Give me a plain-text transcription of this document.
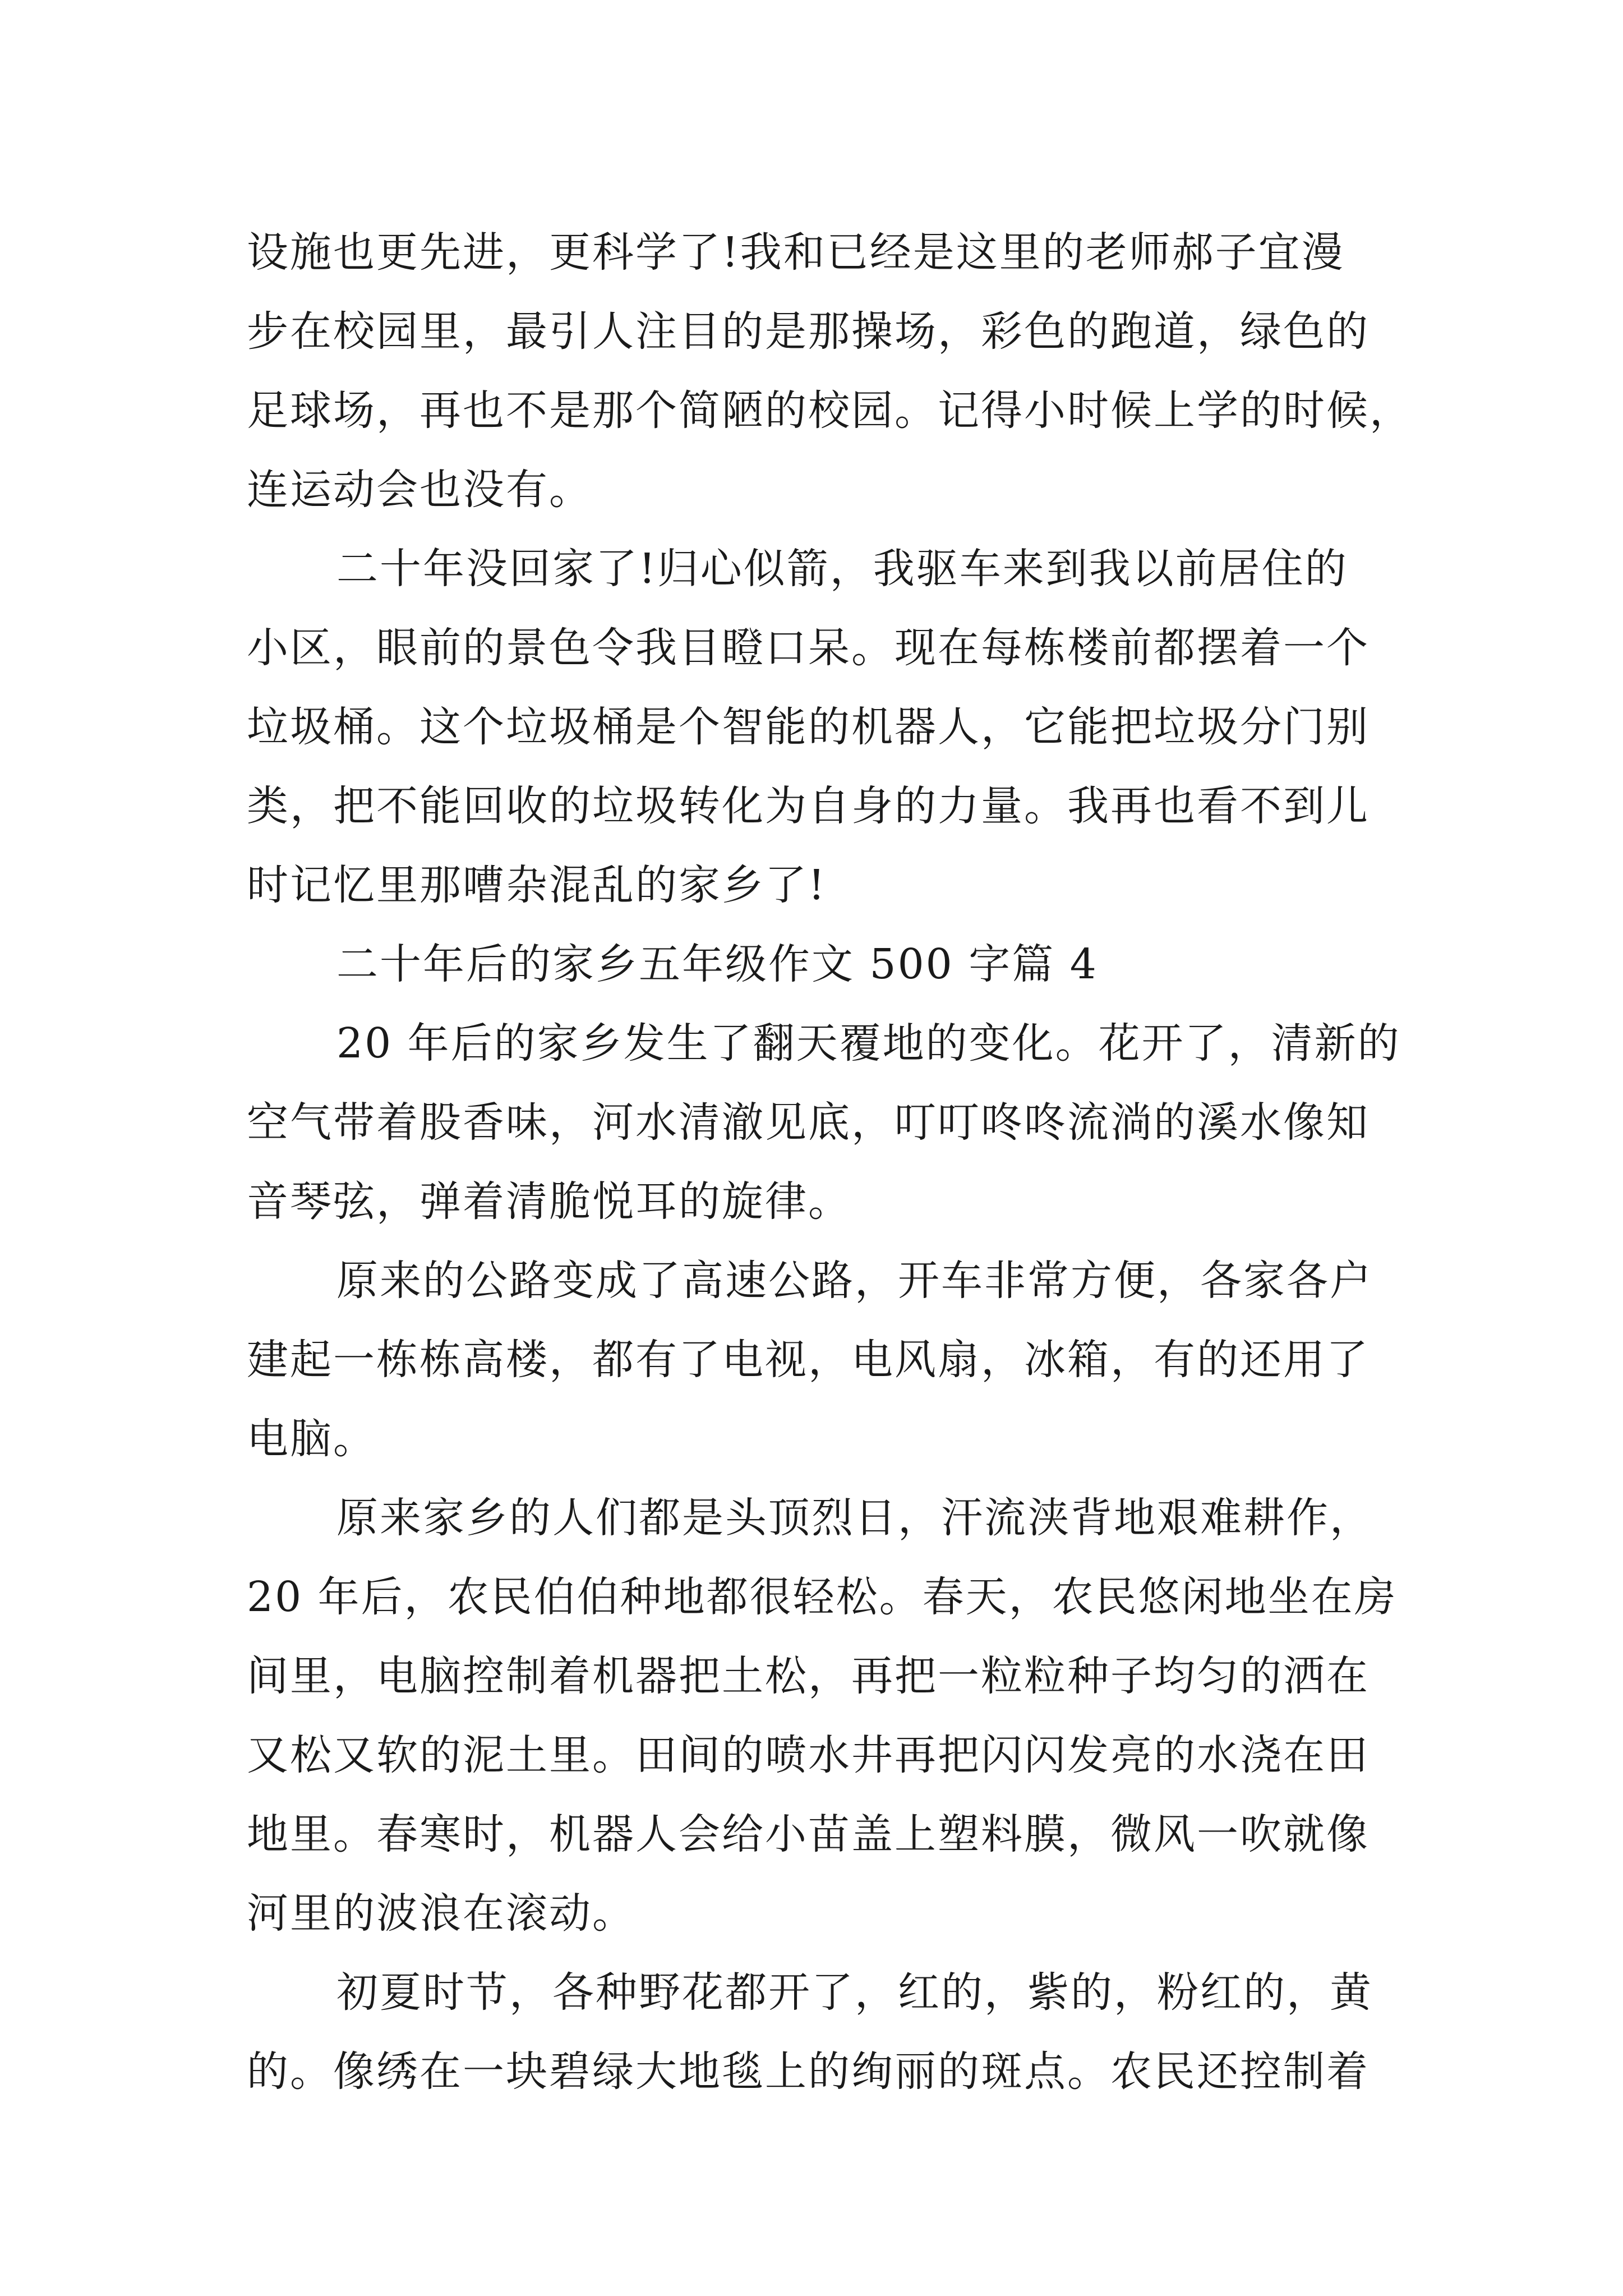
设施也更先进，更科学了!我和已经是这里的老师郝子宜漫
步在校园里，最引人注目的是那操场，彩色的跑道，绿色的
足球场，再也不是那个简陋的校园。记得小时候上学的时候，
连运动会也没有。
二十年没回家了!归心似箭，我驱车来到我以前居住的
小区，眼前的景色令我目瞪口呆。现在每栋楼前都摆着一个
垃圾桶。这个垃圾桶是个智能的机器人，它能把垃圾分门别
类，把不能回收的垃圾转化为自身的力量。我再也看不到儿
时记忆里那嘈杂混乱的家乡了!
二十年后的家乡五年级作文 500 字篇 4
20 年后的家乡发生了翻天覆地的变化。花开了，清新的
空气带着股香味，河水清澈见底，叮叮咚咚流淌的溪水像知
音琴弦，弹着清脆悦耳的旋律。
原来的公路变成了高速公路，开车非常方便，各家各户
建起一栋栋高楼，都有了电视，电风扇，冰箱，有的还用了
电脑。
原来家乡的人们都是头顶烈日，汗流浃背地艰难耕作，
20 年后，农民伯伯种地都很轻松。春天，农民悠闲地坐在房
间里，电脑控制着机器把土松，再把一粒粒种子均匀的洒在
又松又软的泥土里。田间的喷水井再把闪闪发亮的水浇在田
地里。春寒时，机器人会给小苗盖上塑料膜，微风一吹就像
河里的波浪在滚动。
初夏时节，各种野花都开了，红的，紫的，粉红的，黄
的。像绣在一块碧绿大地毯上的绚丽的斑点。农民还控制着
